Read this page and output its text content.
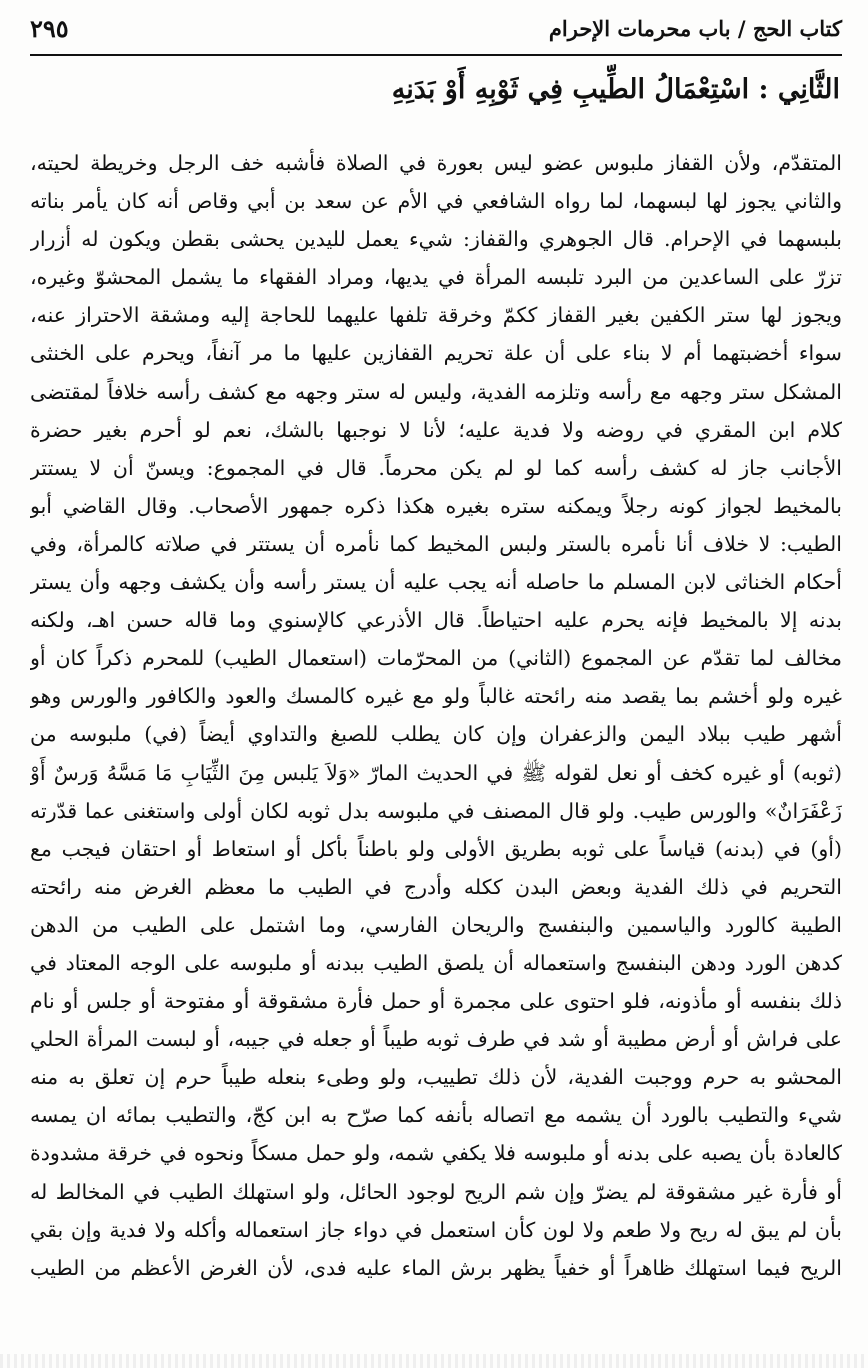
كتاب الحج / باب محرمات الإحرام
٢٩٥
الثَّانِي : اسْتِعْمَالُ الطِّيبِ فِي ثَوْبِهِ أَوْ بَدَنِهِ
المتقدّم، ولأن القفاز ملبوس عضو ليس بعورة في الصلاة فأشبه خف الرجل وخريطة لحيته،
والثاني يجوز لها لبسهما، لما رواه الشافعي في الأم عن سعد بن أبي وقاص أنه كان يأمر بناته
بلبسهما في الإحرام. قال الجوهري والقفاز: شيء يعمل لليدين يحشى بقطن ويكون له أزرار
تزرّ على الساعدين من البرد تلبسه المرأة في يديها، ومراد الفقهاء ما يشمل المحشوّ وغيره،
ويجوز لها ستر الكفين بغير القفاز ككمّ وخرقة تلفها عليهما للحاجة إليه ومشقة الاحتراز عنه،
سواء أخضبتهما أم لا بناء على أن علة تحريم القفازين عليها ما مر آنفاً، ويحرم على الخنثى
المشكل ستر وجهه مع رأسه وتلزمه الفدية، وليس له ستر وجهه مع كشف رأسه خلافاً لمقتضى
كلام ابن المقري في روضه ولا فدية عليه؛ لأنا لا نوجبها بالشك، نعم لو أحرم بغير حضرة
الأجانب جاز له كشف رأسه كما لو لم يكن محرماً. قال في المجموع: ويسنّ أن لا يستتر
بالمخيط لجواز كونه رجلاً ويمكنه ستره بغيره هكذا ذكره جمهور الأصحاب. وقال القاضي أبو
الطيب: لا خلاف أنا نأمره بالستر ولبس المخيط كما نأمره أن يستتر في صلاته كالمرأة، وفي
أحكام الخناثى لابن المسلم ما حاصله أنه يجب عليه أن يستر رأسه وأن يكشف وجهه وأن يستر
بدنه إلا بالمخيط فإنه يحرم عليه احتياطاً. قال الأذرعي كالإسنوي وما قاله حسن اهـ، ولكنه
مخالف لما تقدّم عن المجموع (الثاني) من المحرّمات (استعمال الطيب) للمحرم ذكراً كان أو
غيره ولو أخشم بما يقصد منه رائحته غالباً ولو مع غيره كالمسك والعود والكافور والورس وهو
أشهر طيب ببلاد اليمن والزعفران وإن كان يطلب للصبغ والتداوي أيضاً (في) ملبوسه من
(ثوبه) أو غيره كخف أو نعل لقوله ﷺ في الحديث المارّ «وَلاَ يَلبس مِنَ الثِّيَابِ مَا مَسَّهُ وَرسٌ أَوْ
زَعْفَرَانٌ» والورس طيب. ولو قال المصنف في ملبوسه بدل ثوبه لكان أولى واستغنى عما قدّرته
(أو) في (بدنه) قياساً على ثوبه بطريق الأولى ولو باطناً بأكل أو استعاط أو احتقان فيجب مع
التحريم في ذلك الفدية وبعض البدن ككله وأدرج في الطيب ما معظم الغرض منه رائحته
الطيبة كالورد والياسمين والبنفسج والريحان الفارسي، وما اشتمل على الطيب من الدهن
كدهن الورد ودهن البنفسج واستعماله أن يلصق الطيب ببدنه أو ملبوسه على الوجه المعتاد في
ذلك بنفسه أو مأذونه، فلو احتوى على مجمرة أو حمل فأرة مشقوقة أو مفتوحة أو جلس أو نام
على فراش أو أرض مطيبة أو شد في طرف ثوبه طيباً أو جعله في جيبه، أو لبست المرأة الحلي
المحشو به حرم ووجبت الفدية، لأن ذلك تطييب، ولو وطىء بنعله طيباً حرم إن تعلق به منه
شيء والتطيب بالورد أن يشمه مع اتصاله بأنفه كما صرّح به ابن كجّ، والتطيب بمائه ان يمسه
كالعادة بأن يصبه على بدنه أو ملبوسه فلا يكفي شمه، ولو حمل مسكاً ونحوه في خرقة مشدودة
أو فأرة غير مشقوقة لم يضرّ وإن شم الريح لوجود الحائل، ولو استهلك الطيب في المخالط له
بأن لم يبق له ريح ولا طعم ولا لون كأن استعمل في دواء جاز استعماله وأكله ولا فدية وإن بقي
الريح فيما استهلك ظاهراً أو خفياً يظهر برش الماء عليه فدى، لأن الغرض الأعظم من الطيب
